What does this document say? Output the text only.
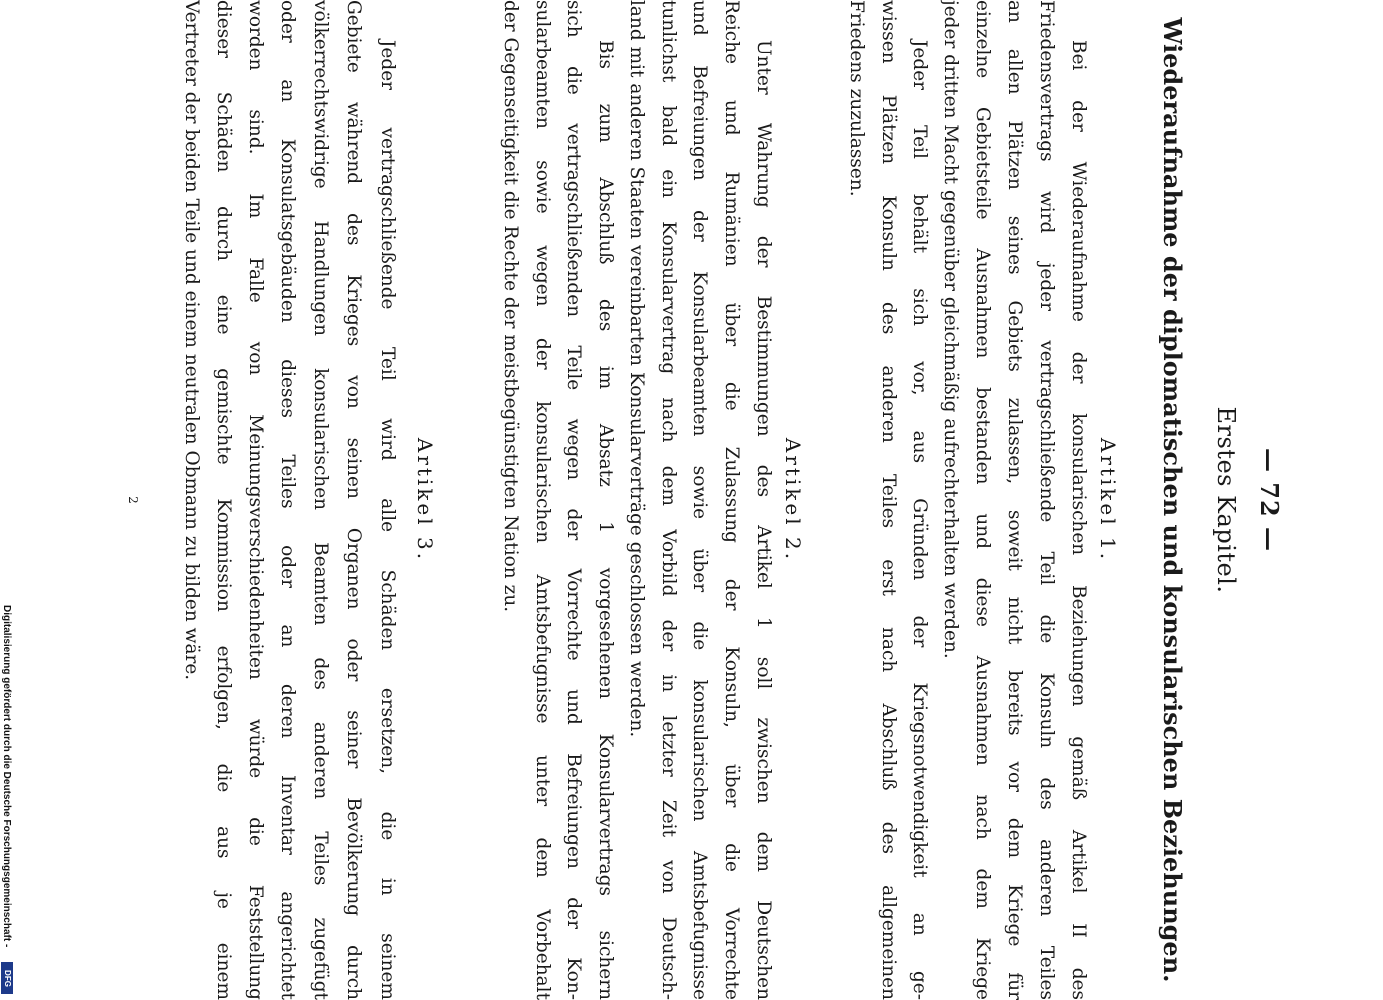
— 72 —
Erstes Kapitel.
Wiederaufnahme der diplomatischen und konsularischen Beziehungen.
Artikel 1.
Bei der Wiederaufnahme der konsularischen Beziehungen gemäß Artikel II des
Friedensvertrags wird jeder vertragschließende Teil die Konsuln des anderen Teiles
an allen Plätzen seines Gebiets zulassen, soweit nicht bereits vor dem Kriege für
einzelne Gebietsteile Ausnahmen bestanden und diese Ausnahmen nach dem Kriege
jeder dritten Macht gegenüber gleichmäßig aufrechterhalten werden.
Jeder Teil behält sich vor, aus Gründen der Kriegsnotwendigkeit an ge-
wissen Plätzen Konsuln des anderen Teiles erst nach Abschluß des allgemeinen
Friedens zuzulassen.
Artikel 2.
Unter Wahrung der Bestimmungen des Artikel 1 soll zwischen dem Deutschen
Reiche und Rumänien über die Zulassung der Konsuln, über die Vorrechte
und Befreiungen der Konsularbeamten sowie über die konsularischen Amtsbefugnisse
tunlichst bald ein Konsularvertrag nach dem Vorbild der in letzter Zeit von Deutsch-
land mit anderen Staaten vereinbarten Konsularverträge geschlossen werden.
Bis zum Abschluß des im Absatz 1 vorgesehenen Konsularvertrags sichern
sich die vertragschließenden Teile wegen der Vorrechte und Befreiungen der Kon-
sularbeamten sowie wegen der konsularischen Amtsbefugnisse unter dem Vorbehalt
der Gegenseitigkeit die Rechte der meistbegünstigten Nation zu.
Artikel 3.
Jeder vertragschließende Teil wird alle Schäden ersetzen, die in seinem
Gebiete während des Krieges von seinen Organen oder seiner Bevölkerung durch
völkerrechtswidrige Handlungen konsularischen Beamten des anderen Teiles zugefügt
oder an Konsulatsgebäuden dieses Teiles oder an deren Inventar angerichtet
worden sind. Im Falle von Meinungsverschiedenheiten würde die Feststellung
dieser Schäden durch eine gemischte Kommission erfolgen, die aus je einem
Vertreter der beiden Teile und einem neutralen Obmann zu bilden wäre.
2
Digitalisierung gefördert durch die Deutsche Forschungsgemeinschaft -
DFG
